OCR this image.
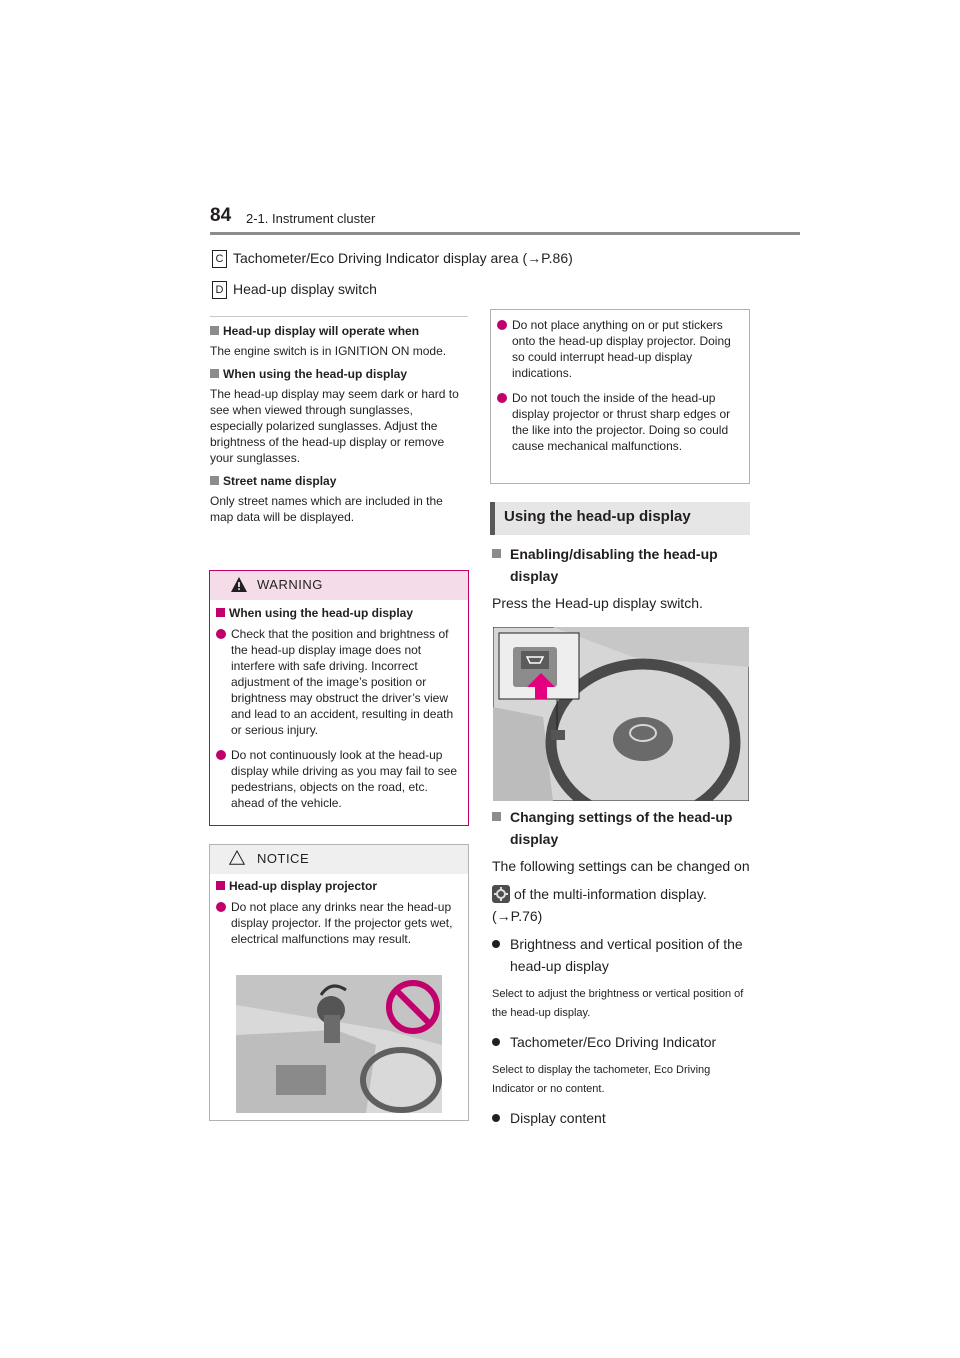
84 2-1. Instrument cluster
C Tachometer/Eco Driving Indicator display area (→P.86)
D Head-up display switch
Head-up display will operate when
The engine switch is in IGNITION ON mode.
When using the head-up display
The head-up display may seem dark or hard to see when viewed through sunglasses, especially polarized sunglasses. Adjust the brightness of the head-up display or remove your sunglasses.
Street name display
Only street names which are included in the map data will be displayed.
WARNING
When using the head-up display
Check that the position and brightness of the head-up display image does not interfere with safe driving. Incorrect adjustment of the image’s position or brightness may obstruct the driver’s view and lead to an accident, resulting in death or serious injury.
Do not continuously look at the head-up display while driving as you may fail to see pedestrians, objects on the road, etc. ahead of the vehicle.
NOTICE
Head-up display projector
Do not place any drinks near the head-up display projector. If the projector gets wet, electrical malfunctions may result.
Do not place anything on or put stickers onto the head-up display projector. Doing so could interrupt head-up display indications.
Do not touch the inside of the head-up display projector or thrust sharp edges or the like into the projector. Doing so could cause mechanical malfunctions.
Using the head-up display
Enabling/disabling the head-up display
Press the Head-up display switch.
Changing settings of the head-up display
The following settings can be changed on
of the multi-information display. (→P.76)
Brightness and vertical position of the head-up display
Select to adjust the brightness or vertical position of the head-up display.
Tachometer/Eco Driving Indicator
Select to display the tachometer, Eco Driving Indicator or no content.
Display content
